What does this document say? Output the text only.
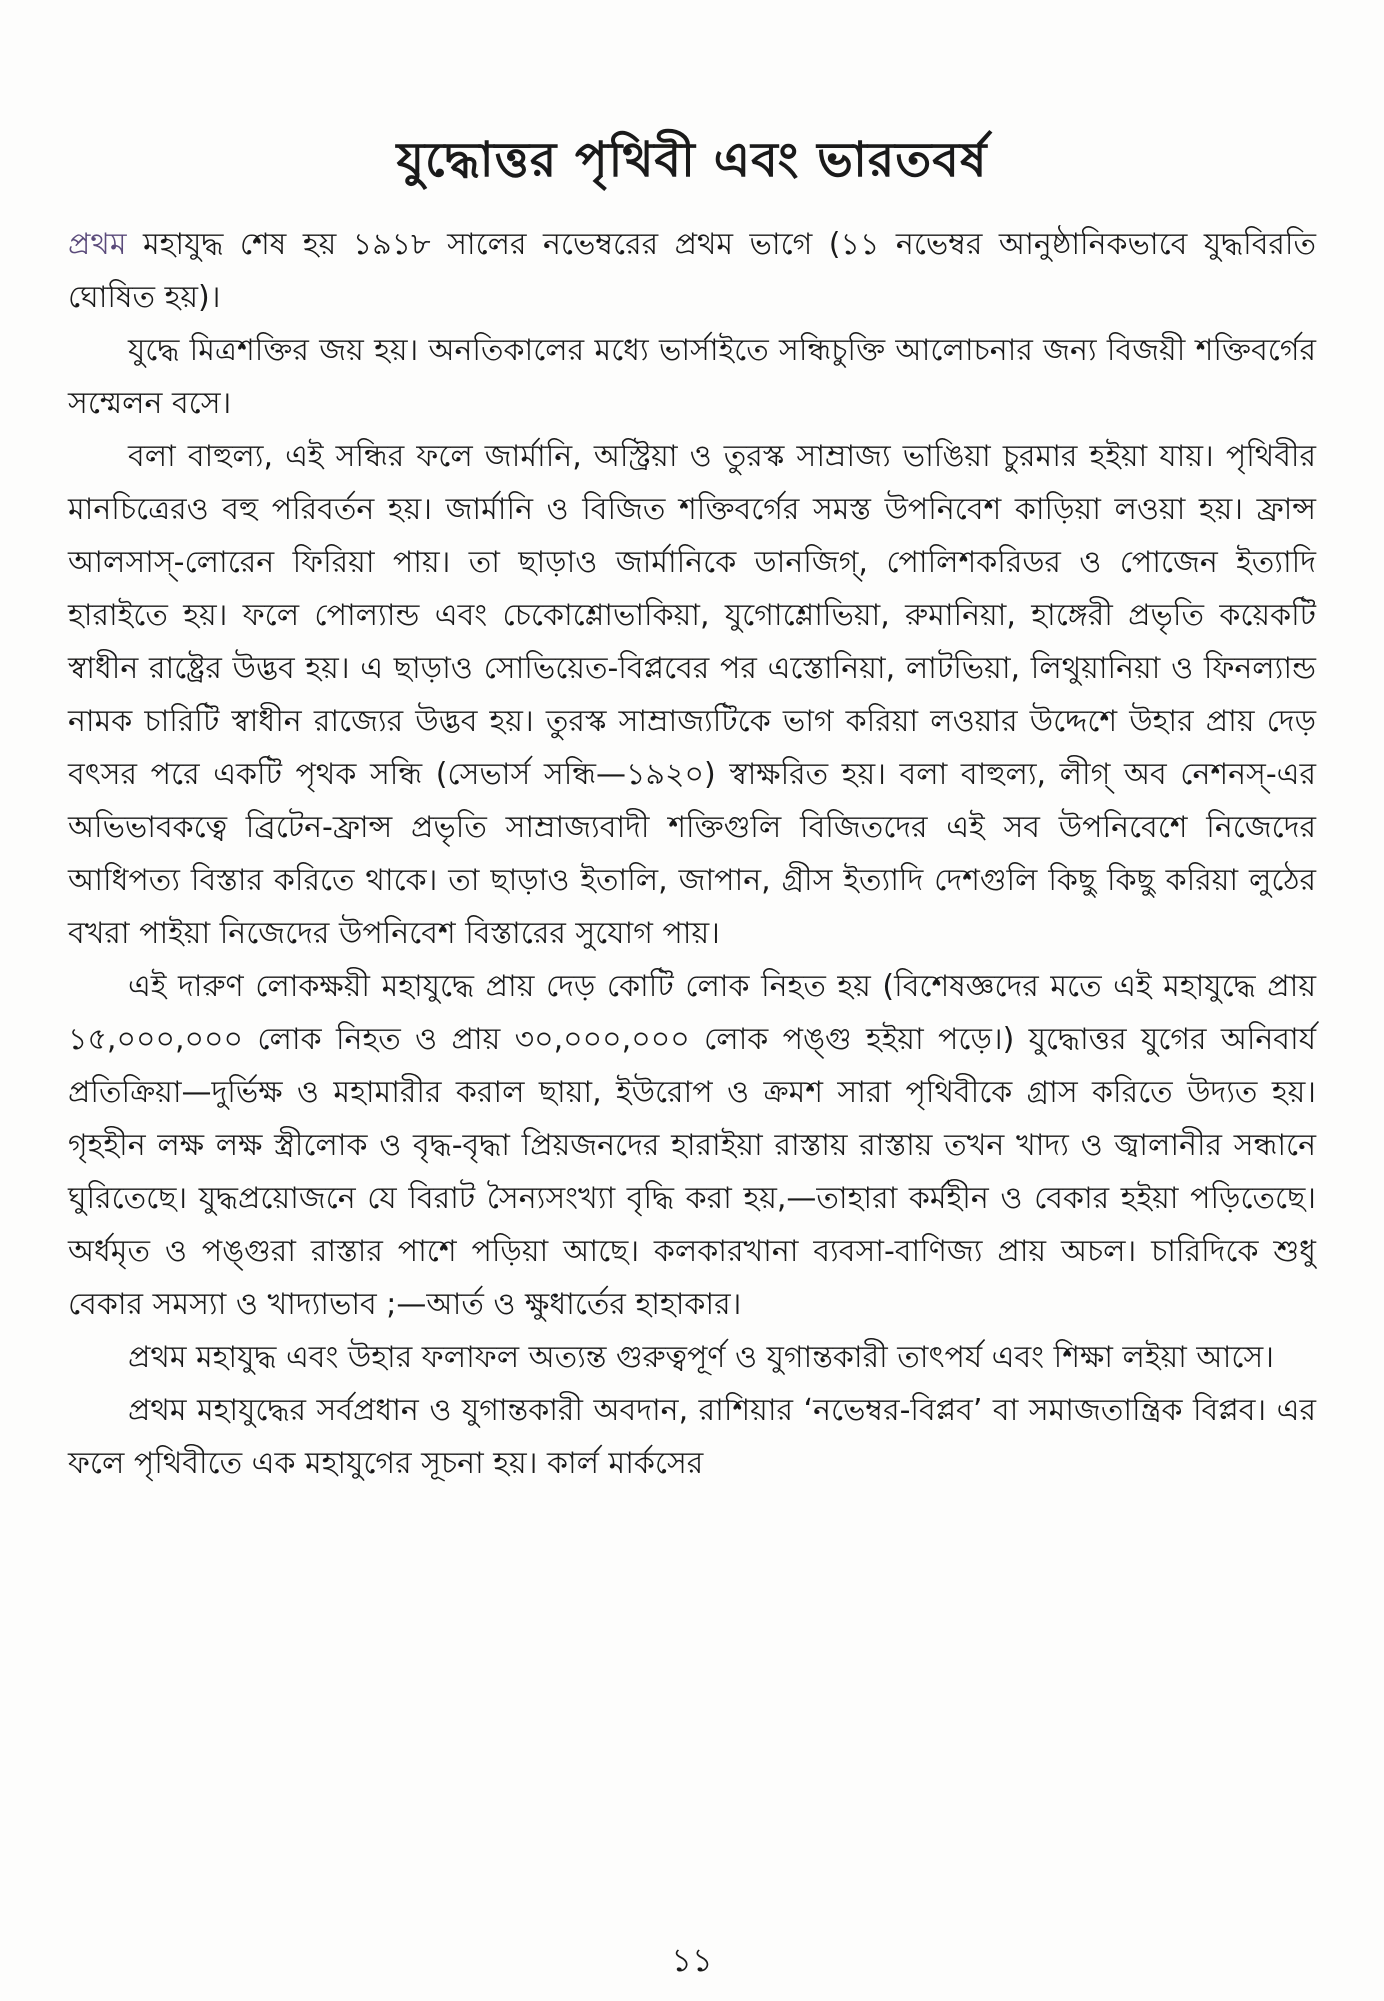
যুদ্ধোত্তর পৃথিবী এবং ভারতবর্ষ

প্রথম মহাযুদ্ধ শেষ হয় ১৯১৮ সালের নভেম্বরের প্রথম ভাগে (১১ নভেম্বর আনুষ্ঠানিকভাবে যুদ্ধবিরতি ঘোষিত হয়)।

যুদ্ধে মিত্রশক্তির জয় হয়। অনতিকালের মধ্যে ভার্সাইতে সন্ধিচুক্তি আলোচনার জন্য বিজয়ী শক্তিবর্গের সম্মেলন বসে।

বলা বাহুল্য, এই সন্ধির ফলে জার্মানি, অস্ট্রিয়া ও তুরস্ক সাম্রাজ্য ভাঙিয়া চুরমার হইয়া যায়। পৃথিবীর মানচিত্রেরও বহু পরিবর্তন হয়। জার্মানি ও বিজিত শক্তিবর্গের সমস্ত উপনিবেশ কাড়িয়া লওয়া হয়। ফ্রান্স আলসাস্-লোরেন ফিরিয়া পায়। তা ছাড়াও জার্মানিকে ডানজিগ্, পোলিশকরিডর ও পোজেন ইত্যাদি হারাইতে হয়। ফলে পোল্যান্ড এবং চেকোশ্লোভাকিয়া, যুগোশ্লোভিয়া, রুমানিয়া, হাঙ্গেরী প্রভৃতি কয়েকটি স্বাধীন রাষ্ট্রের উদ্ভব হয়। এ ছাড়াও সোভিয়েত-বিপ্লবের পর এস্তোনিয়া, লাটভিয়া, লিথুয়ানিয়া ও ফিনল্যান্ড নামক চারিটি স্বাধীন রাজ্যের উদ্ভব হয়। তুরস্ক সাম্রাজ্যটিকে ভাগ করিয়া লওয়ার উদ্দেশে উহার প্রায় দেড় বৎসর পরে একটি পৃথক সন্ধি (সেভার্স সন্ধি—১৯২০) স্বাক্ষরিত হয়। বলা বাহুল্য, লীগ্ অব নেশনস্-এর অভিভাবকত্বে ব্রিটেন-ফ্রান্স প্রভৃতি সাম্রাজ্যবাদী শক্তিগুলি বিজিতদের এই সব উপনিবেশে নিজেদের আধিপত্য বিস্তার করিতে থাকে। তা ছাড়াও ইতালি, জাপান, গ্রীস ইত্যাদি দেশগুলি কিছু কিছু করিয়া লুঠের বখরা পাইয়া নিজেদের উপনিবেশ বিস্তারের সুযোগ পায়।

এই দারুণ লোকক্ষয়ী মহাযুদ্ধে প্রায় দেড় কোটি লোক নিহত হয় (বিশেষজ্ঞদের মতে এই মহাযুদ্ধে প্রায় ১৫,০০০,০০০ লোক নিহত ও প্রায় ৩০,০০০,০০০ লোক পঙ্গু হইয়া পড়ে।) যুদ্ধোত্তর যুগের অনিবার্য প্রতিক্রিয়া—দুর্ভিক্ষ ও মহামারীর করাল ছায়া, ইউরোপ ও ক্রমশ সারা পৃথিবীকে গ্রাস করিতে উদ্যত হয়। গৃহহীন লক্ষ লক্ষ স্ত্রীলোক ও বৃদ্ধ-বৃদ্ধা প্রিয়জনদের হারাইয়া রাস্তায় রাস্তায় তখন খাদ্য ও জ্বালানীর সন্ধানে ঘুরিতেছে। যুদ্ধপ্রয়োজনে যে বিরাট সৈন্যসংখ্যা বৃদ্ধি করা হয়,—তাহারা কর্মহীন ও বেকার হইয়া পড়িতেছে। অর্ধমৃত ও পঙ্গুরা রাস্তার পাশে পড়িয়া আছে। কলকারখানা ব্যবসা-বাণিজ্য প্রায় অচল। চারিদিকে শুধু বেকার সমস্যা ও খাদ্যাভাব ;—আর্ত ও ক্ষুধার্তের হাহাকার।

প্রথম মহাযুদ্ধ এবং উহার ফলাফল অত্যন্ত গুরুত্বপূর্ণ ও যুগান্তকারী তাৎপর্য এবং শিক্ষা লইয়া আসে।

প্রথম মহাযুদ্ধের সর্বপ্রধান ও যুগান্তকারী অবদান, রাশিয়ার ‘নভেম্বর-বিপ্লব’ বা সমাজতান্ত্রিক বিপ্লব। এর ফলে পৃথিবীতে এক মহাযুগের সূচনা হয়। কার্ল মার্কসের

১১
